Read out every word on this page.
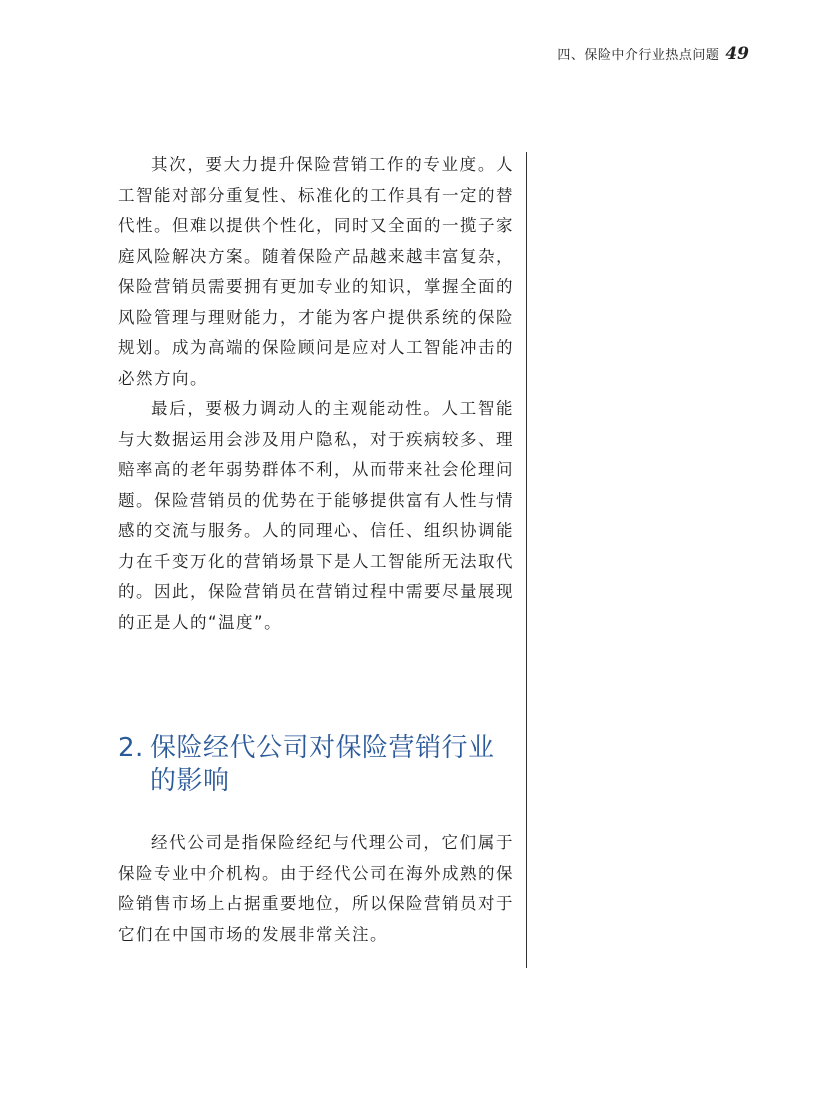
四、保险中介行业热点问题 49

其次，要大力提升保险营销工作的专业度。人工智能对部分重复性、标准化的工作具有一定的替代性。但难以提供个性化，同时又全面的一揽子家庭风险解决方案。随着保险产品越来越丰富复杂，保险营销员需要拥有更加专业的知识，掌握全面的风险管理与理财能力，才能为客户提供系统的保险规划。成为高端的保险顾问是应对人工智能冲击的必然方向。

最后，要极力调动人的主观能动性。人工智能与大数据运用会涉及用户隐私，对于疾病较多、理赔率高的老年弱势群体不利，从而带来社会伦理问题。保险营销员的优势在于能够提供富有人性与情感的交流与服务。人的同理心、信任、组织协调能力在千变万化的营销场景下是人工智能所无法取代的。因此，保险营销员在营销过程中需要尽量展现的正是人的“温度”。

2. 保险经代公司对保险营销行业的影响

经代公司是指保险经纪与代理公司，它们属于保险专业中介机构。由于经代公司在海外成熟的保险销售市场上占据重要地位，所以保险营销员对于它们在中国市场的发展非常关注。
